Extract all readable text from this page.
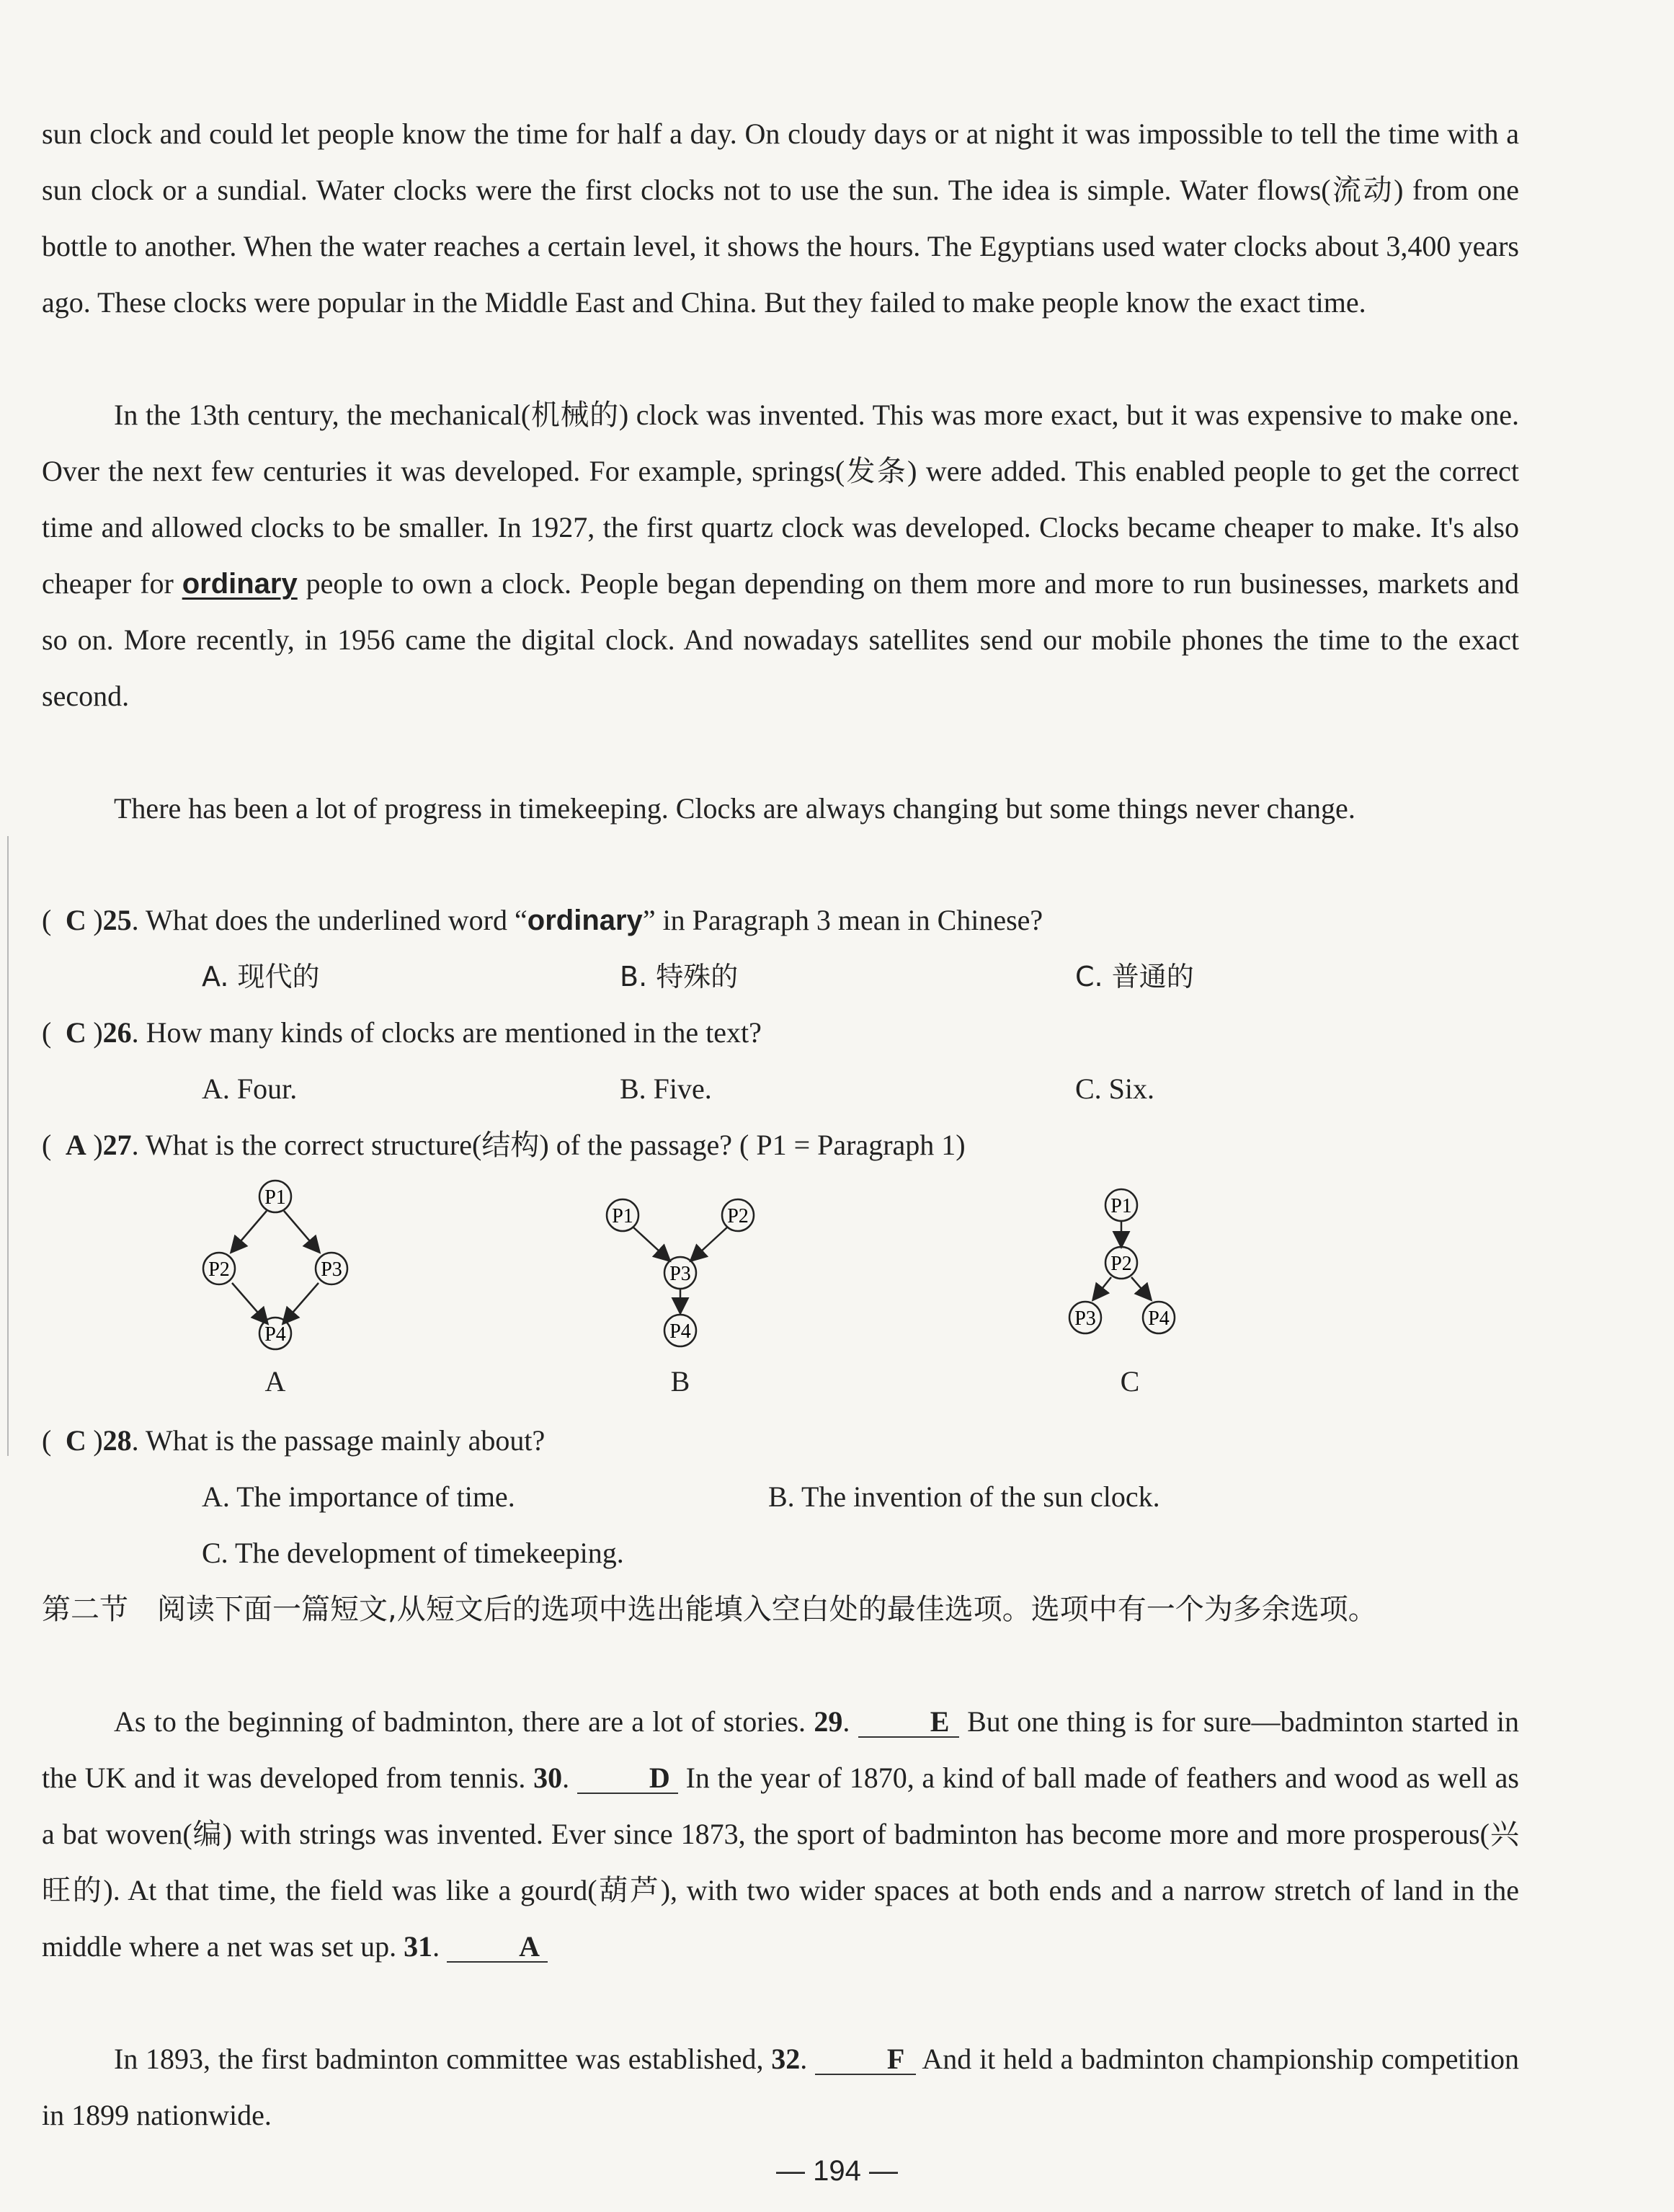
sun clock and could let people know the time for half a day. On cloudy days or at night it was impossible to tell the time with a sun clock or a sundial. Water clocks were the first clocks not to use the sun. The idea is simple. Water flows(流动) from one bottle to another. When the water reaches a certain level, it shows the hours. The Egyptians used water clocks about 3,400 years ago. These clocks were popular in the Middle East and China. But they failed to make people know the exact time.

In the 13th century, the mechanical(机械的) clock was invented. This was more exact, but it was expensive to make one. Over the next few centuries it was developed. For example, springs(发条) were added. This enabled people to get the correct time and allowed clocks to be smaller. In 1927, the first quartz clock was developed. Clocks became cheaper to make. It's also cheaper for ordinary people to own a clock. People began depending on them more and more to run businesses, markets and so on. More recently, in 1956 came the digital clock. And nowadays satellites send our mobile phones the time to the exact second.

There has been a lot of progress in timekeeping. Clocks are always changing but some things never change.

( C )25. What does the underlined word “ordinary” in Paragraph 3 mean in Chinese?
A. 现代的	B. 特殊的	C. 普通的
( C )26. How many kinds of clocks are mentioned in the text?
A. Four.	B. Five.	C. Six.
( A )27. What is the correct structure(结构) of the passage? ( P1 = Paragraph 1)
P1
P2	P3
P4
A
P1	P2
P3
P4
B
P1
P2
P3	P4
C
( C )28. What is the passage mainly about?
A. The importance of time.	B. The invention of the sun clock.
C. The development of timekeeping.

第二节　阅读下面一篇短文,从短文后的选项中选出能填入空白处的最佳选项。选项中有一个为多余选项。

As to the beginning of badminton, there are a lot of stories. 29.	E But one thing is for sure—badminton started in the UK and it was developed from tennis. 30.	D In the year of 1870, a kind of ball made of feathers and wood as well as a bat woven(编) with strings was invented. Ever since 1873, the sport of badminton has become more and more prosperous(兴旺的). At that time, the field was like a gourd(葫芦), with two wider spaces at both ends and a narrow stretch of land in the middle where a net was set up. 31.	A

In 1893, the first badminton committee was established, 32.	F And it held a badminton championship competition in 1899 nationwide.

— 194 —
